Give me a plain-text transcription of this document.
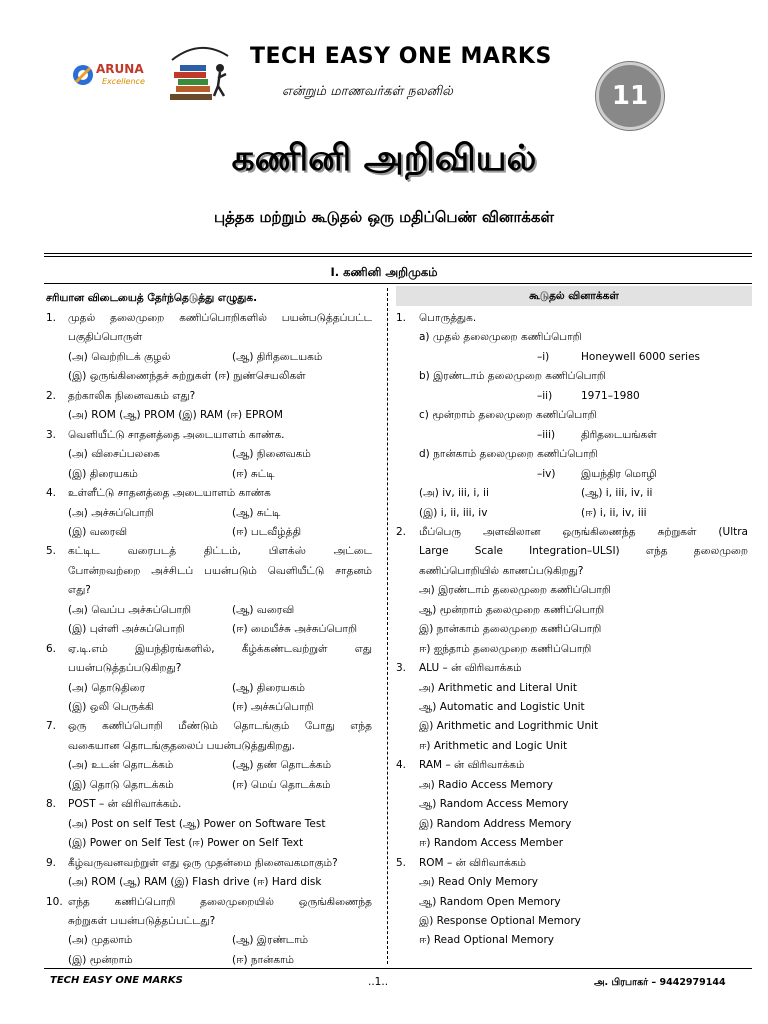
ARUNA
Excellence
TECH EASY ONE MARKS
என்றும் மாணவர்கள் நலனில்	11
கணினி அறிவியல்
புத்தக மற்றும் கூடுதல் ஒரு மதிப்பெண் வினாக்கள்
I. கணினி அறிமுகம்
சரியான விடையைத் தேர்ந்தெடுத்து எழுதுக.	கூடுதல் வினாக்கள்
1. முதல் தலைமுறை கணிப்பொறிகளில் பயன்படுத்தப்பட்ட
பகுதிப்பொருள்
(அ) வெற்றிடக் குழல்	(ஆ) திரிதடையகம்
(இ) ஒருங்கிணைந்தச் சுற்றுகள் (ஈ) நுண்செயலிகள்
2. தற்காலிக நினைவகம் எது?
(அ) ROM (ஆ) PROM (இ) RAM (ஈ) EPROM
3. வெளியீட்டு சாதனத்தை அடையாளம் காண்க.
(அ) விசைப்பலகை	(ஆ) நினைவகம்
(இ) திரையகம்	(ஈ) சுட்டி
4. உள்ளீட்டு சாதனத்தை அடையாளம் காண்க
(அ) அச்சுப்பொறி	(ஆ) சுட்டி
(இ) வரைவி	(ஈ) படவீழ்த்தி
5. கட்டிட வரைபடத் திட்டம், பிளக்ஸ் அட்டை
போன்றவற்றை அச்சிடப் பயன்படும் வெளியீட்டு சாதனம்
எது?
(அ) வெப்ப அச்சுப்பொறி	(ஆ) வரைவி
(இ) புள்ளி அச்சுப்பொறி	(ஈ) மையீச்சு அச்சுப்பொறி
6. ஏ.டி.எம் இயந்திரங்களில், கீழ்க்கண்டவற்றுள் எது
பயன்படுத்தப்படுகிறது?
(அ) தொடுதிரை	(ஆ) திரையகம்
(இ) ஒலி பெருக்கி	(ஈ) அச்சுப்பொறி
7. ஒரு கணிப்பொறி மீண்டும் தொடங்கும் போது எந்த
வகையான தொடங்குதலைப் பயன்படுத்துகிறது.
(அ) உடன் தொடக்கம்	(ஆ) தண் தொடக்கம்
(இ) தொடு தொடக்கம்	(ஈ) மெய் தொடக்கம்
8. POST – ன் விரிவாக்கம்.
(அ) Post on self Test (ஆ) Power on Software Test
(இ) Power on Self Test (ஈ) Power on Self Text
9. கீழ்வருவனவற்றுள் எது ஒரு முதன்மை நினைவகமாகும்?
(அ) ROM (ஆ) RAM (இ) Flash drive (ஈ) Hard disk
10. எந்த கணிப்பொறி தலைமுறையில் ஒருங்கிணைந்த
சுற்றுகள் பயன்படுத்தப்பட்டது?
(அ) முதலாம்	(ஆ) இரண்டாம்
(இ) மூன்றாம்	(ஈ) நான்காம்
1. பொருத்துக.
a) முதல் தலைமுறை கணிப்பொறி
–i)	Honeywell 6000 series
b) இரண்டாம் தலைமுறை கணிப்பொறி
–ii)	1971–1980
c) மூன்றாம் தலைமுறை கணிப்பொறி
–iii) திரிதடையங்கள்
d) நான்காம் தலைமுறை கணிப்பொறி
–iv) இயந்திர மொழி
(அ) iv, iii, i, ii	(ஆ) i, iii, iv, ii
(இ) i, ii, iii, iv	(ஈ) i, ii, iv, iii
2. மீப்பெரு அளவிலான ஒருங்கிணைந்த சுற்றுகள் (Ultra
Large Scale Integration–ULSI) எந்த தலைமுறை
கணிப்பொறியில் காணப்படுகிறது?
அ) இரண்டாம் தலைமுறை கணிப்பொறி
ஆ) மூன்றாம் தலைமுறை கணிப்பொறி
இ) நான்காம் தலைமுறை கணிப்பொறி
ஈ) ஐந்தாம் தலைமுறை கணிப்பொறி
3. ALU – ன் விரிவாக்கம்
அ) Arithmetic and Literal Unit
ஆ) Automatic and Logistic Unit
இ) Arithmetic and Logrithmic Unit
ஈ) Arithmetic and Logic Unit
4. RAM – ன் விரிவாக்கம்
அ) Radio Access Memory
ஆ) Random Access Memory
இ) Random Address Memory
ஈ) Random Access Member
5. ROM – ன் விரிவாக்கம்
அ) Read Only Memory
ஆ) Random Open Memory
இ) Response Optional Memory
ஈ) Read Optional Memory
TECH EASY ONE MARKS	..1..	அ. பிரபாகர் – 9442979144
